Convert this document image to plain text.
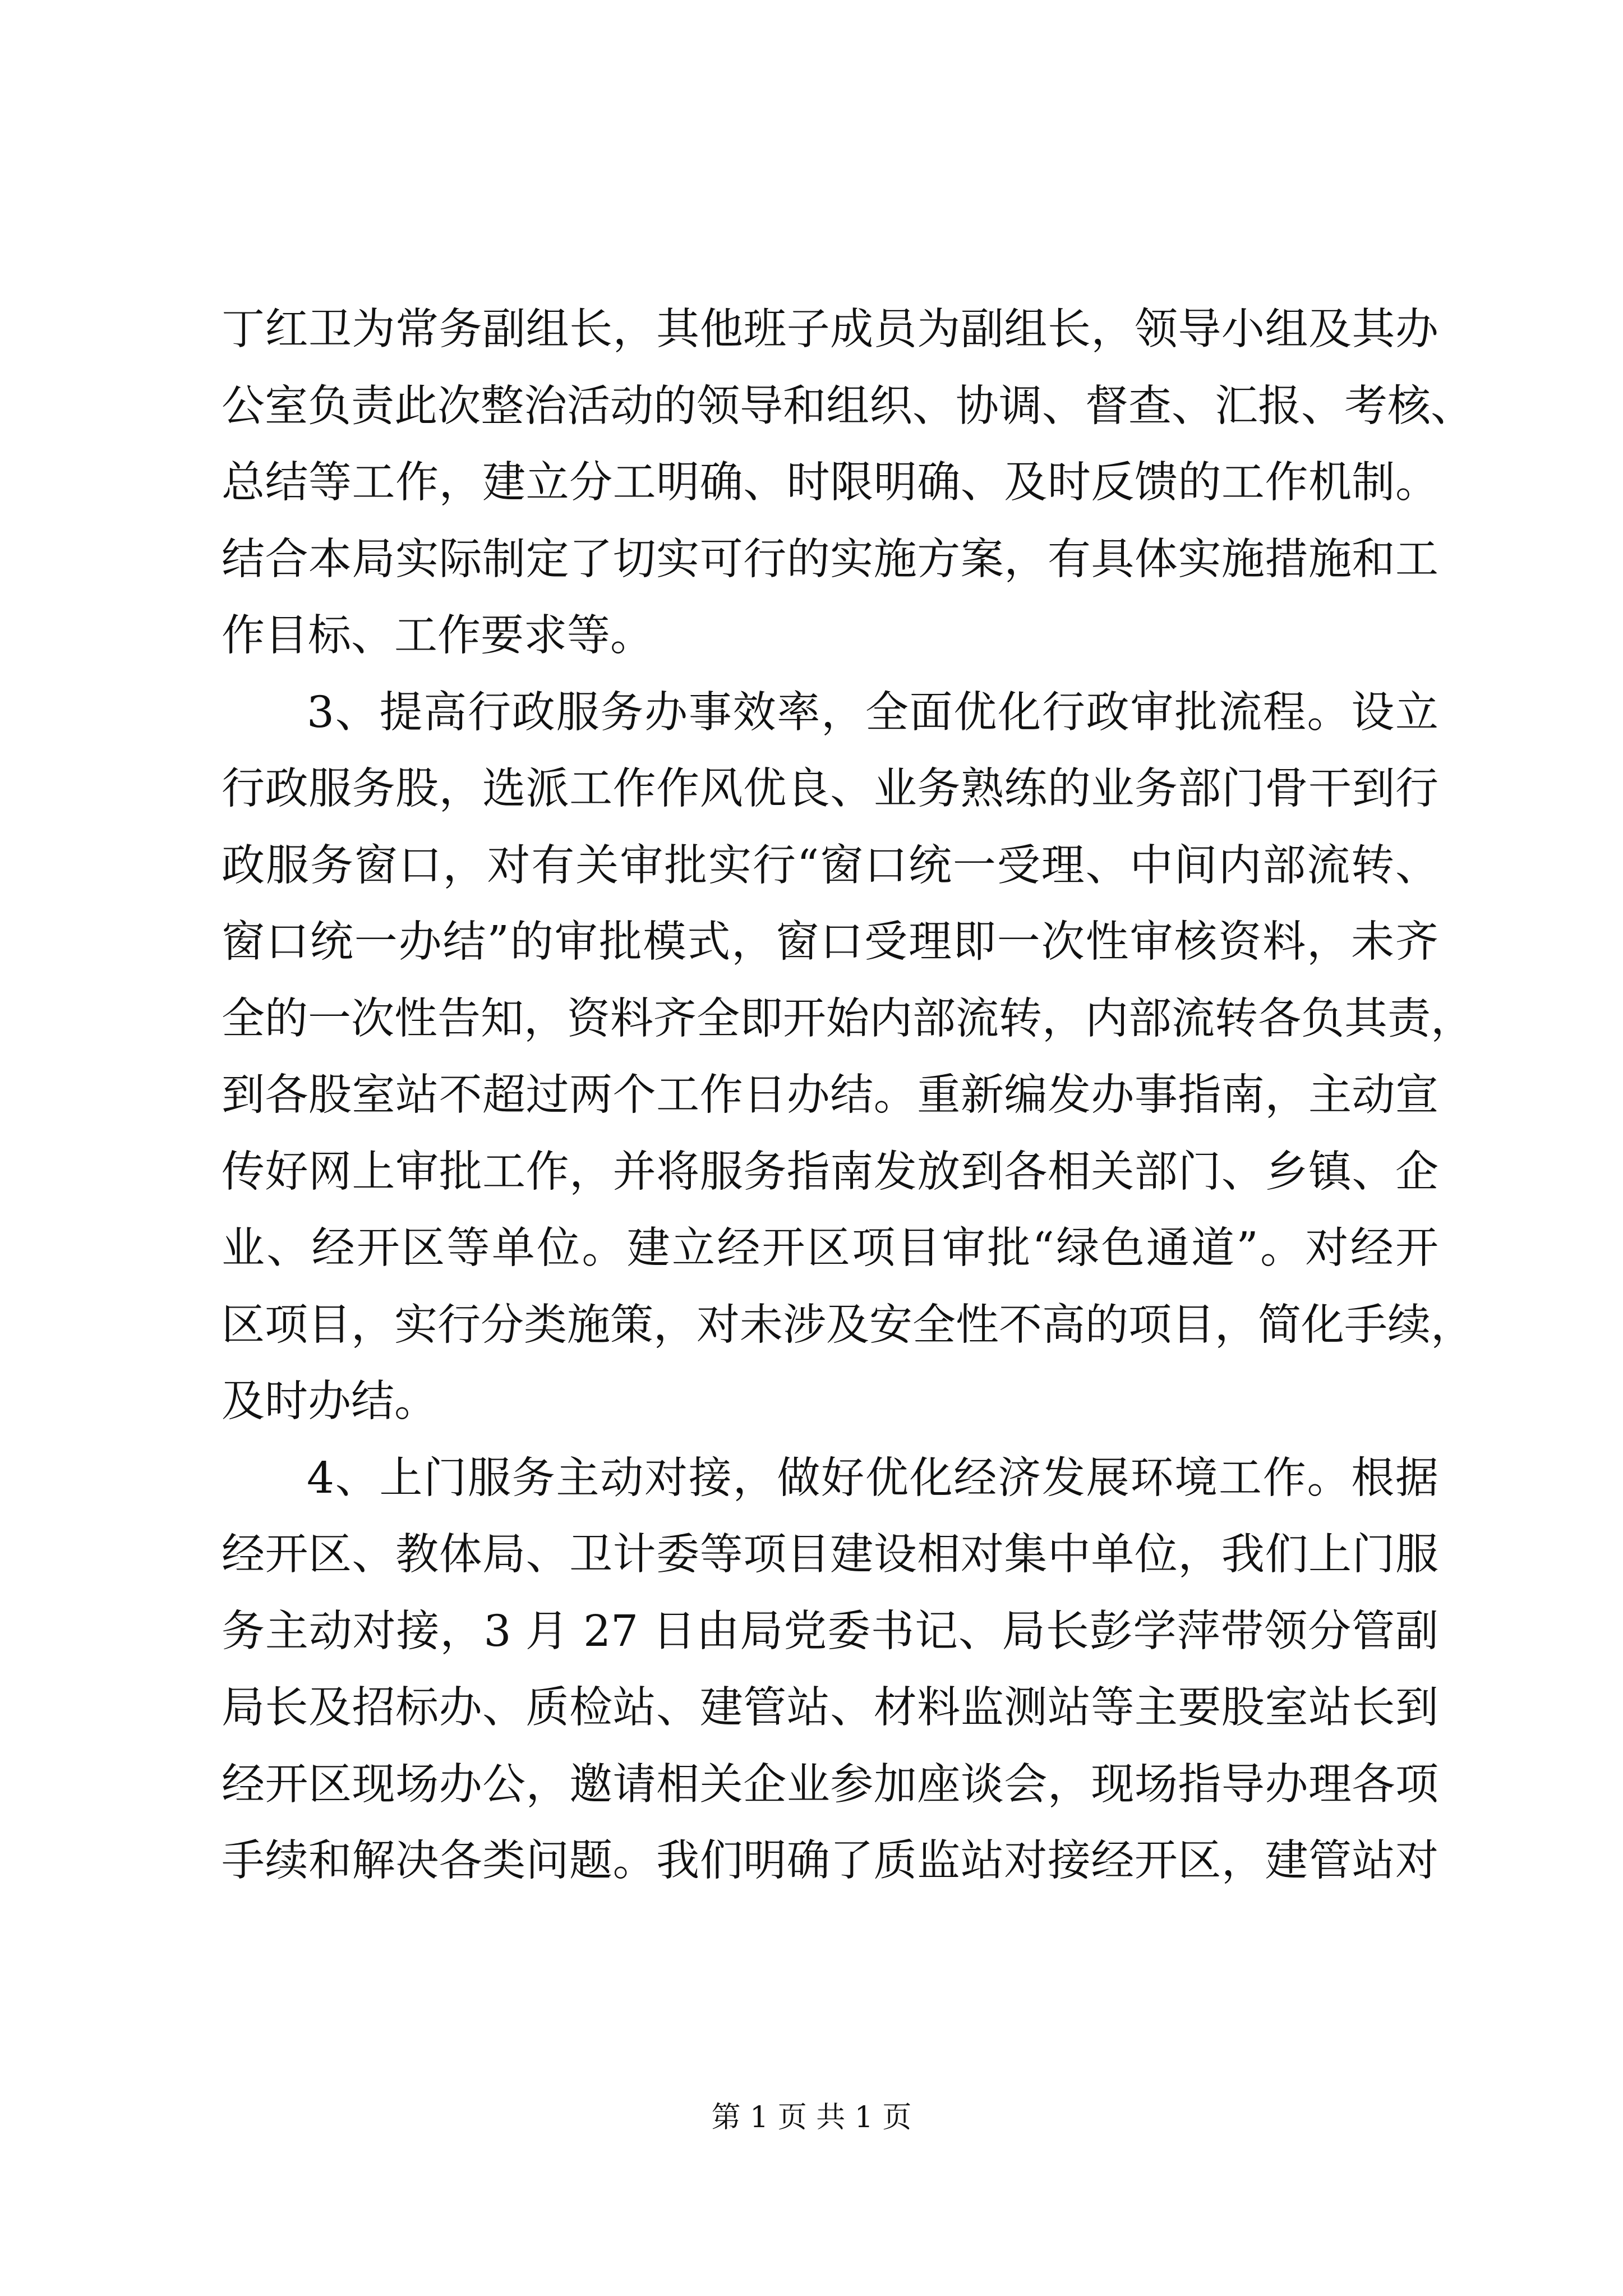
丁红卫为常务副组长，其他班子成员为副组长，领导小组及其办
公室负责此次整治活动的领导和组织、协调、督查、汇报、考核、
总结等工作，建立分工明确、时限明确、及时反馈的工作机制。
结合本局实际制定了切实可行的实施方案，有具体实施措施和工
作目标、工作要求等。
3、提高行政服务办事效率，全面优化行政审批流程。设立
行政服务股，选派工作作风优良、业务熟练的业务部门骨干到行
政服务窗口，对有关审批实行“窗口统一受理、中间内部流转、
窗口统一办结”的审批模式，窗口受理即一次性审核资料，未齐
全的一次性告知，资料齐全即开始内部流转，内部流转各负其责，
到各股室站不超过两个工作日办结。重新编发办事指南，主动宣
传好网上审批工作，并将服务指南发放到各相关部门、乡镇、企
业、经开区等单位。建立经开区项目审批“绿色通道”。对经开
区项目，实行分类施策，对未涉及安全性不高的项目，简化手续，
及时办结。
4、上门服务主动对接，做好优化经济发展环境工作。根据
经开区、教体局、卫计委等项目建设相对集中单位，我们上门服
务主动对接，3 月 27 日由局党委书记、局长彭学萍带领分管副
局长及招标办、质检站、建管站、材料监测站等主要股室站长到
经开区现场办公，邀请相关企业参加座谈会，现场指导办理各项
手续和解决各类问题。我们明确了质监站对接经开区，建管站对
第 1 页 共 1 页
